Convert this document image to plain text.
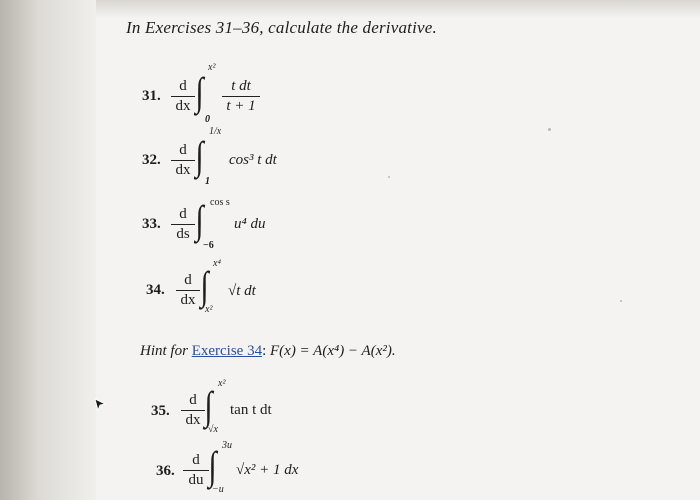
In Exercises 31–36, calculate the derivative.
31.
d
dx ∫
x²
0
t dt
t + 1
32.
d
dx ∫
1/x
1
cos³ t dt
33.
d
ds ∫ cos s
−6
u⁴ du
34.
d
dx ∫ x⁴
x²
√t dt
Hint for Exercise 34: F(x) = A(x⁴) − A(x²).
35.
d
dx ∫ x²
√x
tan t dt
36.
d
du ∫ 3u
−u
√x² + 1 dx
